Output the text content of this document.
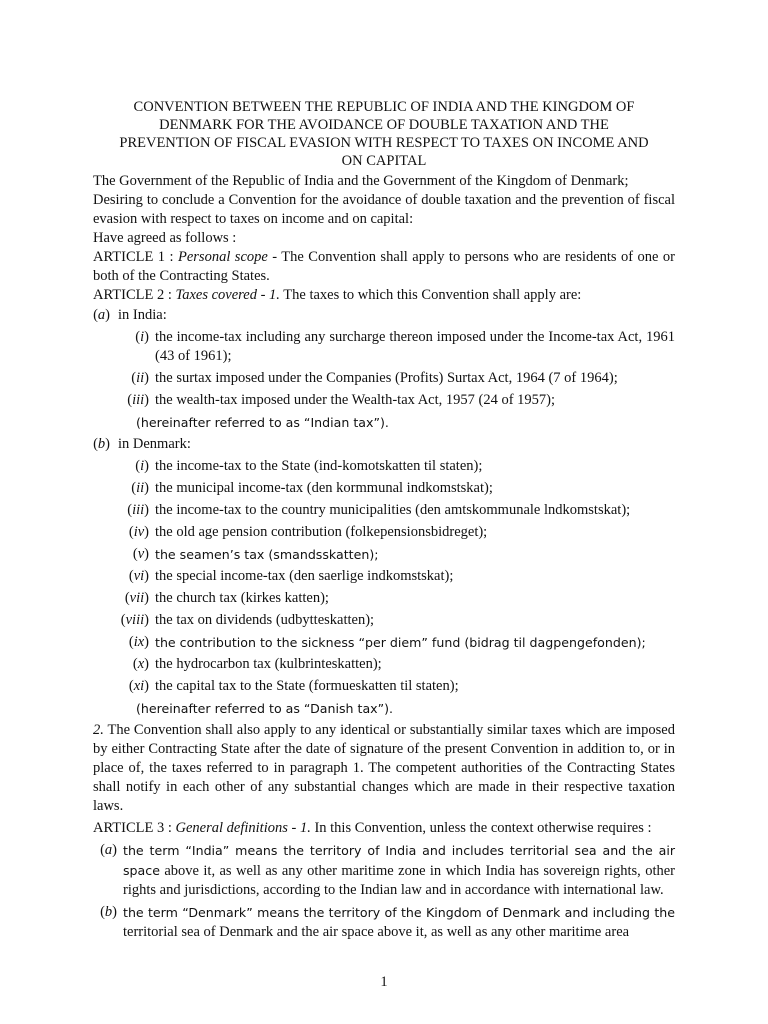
CONVENTION BETWEEN THE REPUBLIC OF INDIA AND THE KINGDOM OF
DENMARK FOR THE AVOIDANCE OF DOUBLE TAXATION AND THE
PREVENTION OF FISCAL EVASION WITH RESPECT TO TAXES ON INCOME AND
ON CAPITAL

The Government of the Republic of India and the Government of the Kingdom of Denmark;

Desiring to conclude a Convention for the avoidance of double taxation and the prevention of fiscal evasion with respect to taxes on income and on capital:

Have agreed as follows :

ARTICLE 1 : Personal scope - The Convention shall apply to persons who are residents of one or both of the Contracting States.

ARTICLE 2 : Taxes covered - 1. The taxes to which this Convention shall apply are:

(a) in India:
(i) the income-tax including any surcharge thereon imposed under the Income-tax Act, 1961 (43 of 1961);
(ii) the surtax imposed under the Companies (Profits) Surtax Act, 1964 (7 of 1964);
(iii) the wealth-tax imposed under the Wealth-tax Act, 1957 (24 of 1957);
(hereinafter referred to as “Indian tax”).
(b) in Denmark:
(i) the income-tax to the State (ind-komotskatten til staten);
(ii) the municipal income-tax (den kormmunal indkomstskat);
(iii) the income-tax to the country municipalities (den amtskommunale lndkomstskat);
(iv) the old age pension contribution (folkepensionsbidreget);
(v) the seamen’s tax (smandsskatten);
(vi) the special income-tax (den saerlige indkomstskat);
(vii) the church tax (kirkes katten);
(viii) the tax on dividends (udbytteskatten);
(ix) the contribution to the sickness “per diem” fund (bidrag til dagpengefonden);
(x) the hydrocarbon tax (kulbrinteskatten);
(xi) the capital tax to the State (formueskatten til staten);
(hereinafter referred to as “Danish tax”).

2. The Convention shall also apply to any identical or substantially similar taxes which are imposed by either Contracting State after the date of signature of the present Convention in addition to, or in place of, the taxes referred to in paragraph 1. The competent authorities of the Contracting States shall notify in each other of any substantial changes which are made in their respective taxation laws.

ARTICLE 3 : General definitions - 1. In this Convention, unless the context otherwise requires :

(a) the term “India” means the territory of India and includes territorial sea and the air space above it, as well as any other maritime zone in which India has sovereign rights, other rights and jurisdictions, according to the Indian law and in accordance with international law.
(b) the term “Denmark” means the territory of the Kingdom of Denmark and including the territorial sea of Denmark and the air space above it, as well as any other maritime area
1
